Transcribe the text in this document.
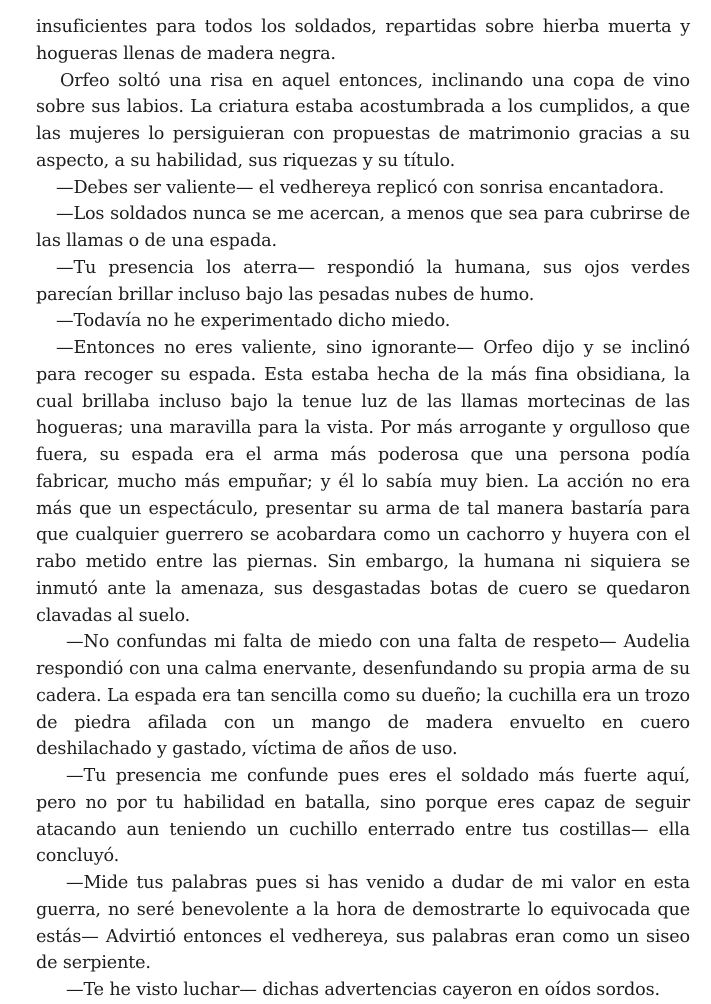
insuficientes para todos los soldados, repartidas sobre hierba muerta y hogueras llenas de madera negra.

Orfeo soltó una risa en aquel entonces, inclinando una copa de vino sobre sus labios. La criatura estaba acostumbrada a los cumplidos, a que las mujeres lo persiguieran con propuestas de matrimonio gracias a su aspecto, a su habilidad, sus riquezas y su título.

—Debes ser valiente— el vedhereya replicó con sonrisa encantadora.

—Los soldados nunca se me acercan, a menos que sea para cubrirse de las llamas o de una espada.

—Tu presencia los aterra— respondió la humana, sus ojos verdes parecían brillar incluso bajo las pesadas nubes de humo.

—Todavía no he experimentado dicho miedo.

—Entonces no eres valiente, sino ignorante— Orfeo dijo y se inclinó para recoger su espada. Esta estaba hecha de la más fina obsidiana, la cual brillaba incluso bajo la tenue luz de las llamas mortecinas de las hogueras; una maravilla para la vista. Por más arrogante y orgulloso que fuera, su espada era el arma más poderosa que una persona podía fabricar, mucho más empuñar; y él lo sabía muy bien. La acción no era más que un espectáculo, presentar su arma de tal manera bastaría para que cualquier guerrero se acobardara como un cachorro y huyera con el rabo metido entre las piernas. Sin embargo, la humana ni siquiera se inmutó ante la amenaza, sus desgastadas botas de cuero se quedaron clavadas al suelo.

—No confundas mi falta de miedo con una falta de respeto— Audelia respondió con una calma enervante, desenfundando su propia arma de su cadera. La espada era tan sencilla como su dueño; la cuchilla era un trozo de piedra afilada con un mango de madera envuelto en cuero deshilachado y gastado, víctima de años de uso.

—Tu presencia me confunde pues eres el soldado más fuerte aquí, pero no por tu habilidad en batalla, sino porque eres capaz de seguir atacando aun teniendo un cuchillo enterrado entre tus costillas— ella concluyó.

—Mide tus palabras pues si has venido a dudar de mi valor en esta guerra, no seré benevolente a la hora de demostrarte lo equivocada que estás— Advirtió entonces el vedhereya, sus palabras eran como un siseo de serpiente.

—Te he visto luchar— dichas advertencias cayeron en oídos sordos.
